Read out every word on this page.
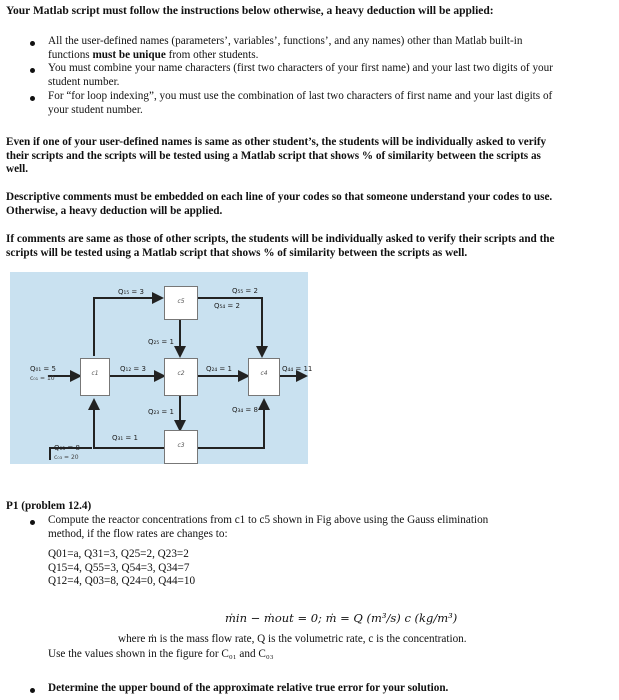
Your Matlab script must follow the instructions below otherwise, a heavy deduction will be applied:
All the user-defined names (parameters’, variables’, functions’, and any names) other than Matlab built-in
functions must be unique from other students.
You must combine your name characters (first two characters of your first name) and your last two digits of your
student number.
For “for loop indexing”, you must use the combination of last two characters of first name and your last digits of
your student number.
Even if one of your user-defined names is same as other student’s, the students will be individually asked to verify
their scripts and the scripts will be tested using a Matlab script that shows % of similarity between the scripts as
well.
Descriptive comments must be embedded on each line of your codes so that someone understand your codes to use.
Otherwise, a heavy deduction will be applied.
If comments are same as those of other scripts, the students will be individually asked to verify their scripts and the
scripts will be tested using a Matlab script that shows % of similarity between the scripts as well.
c5
c1	c2	c4
c3
Q₁₅ = 3	Q₅₅ = 2
Q₅₄ = 2
Q₂₅ = 1
Q₀₁ = 5
c₀₁ = 10
Q₁₂ = 3	Q₂₄ = 1	Q₄₄ = 11
Q₂₃ = 1	Q₃₄ = 8
Q₃₁ = 1
Q₀₃ = 8
c₀₃ = 20
P1 (problem 12.4)
Compute the reactor concentrations from c1 to c5 shown in Fig above using the Gauss elimination
method, if the flow rates are changes to:
Q01=a, Q31=3, Q25=2, Q23=2
Q15=4, Q55=3, Q54=3, Q34=7
Q12=4, Q03=8, Q24=0, Q44=10
ṁin − ṁout = 0; ṁ = Q (m³/s) c (kg/m³)
where ṁ is the mass flow rate, Q is the volumetric rate, c is the concentration.
Use the values shown in the figure for C₀₁ and C₀₃
Determine the upper bound of the approximate relative true error for your solution.
